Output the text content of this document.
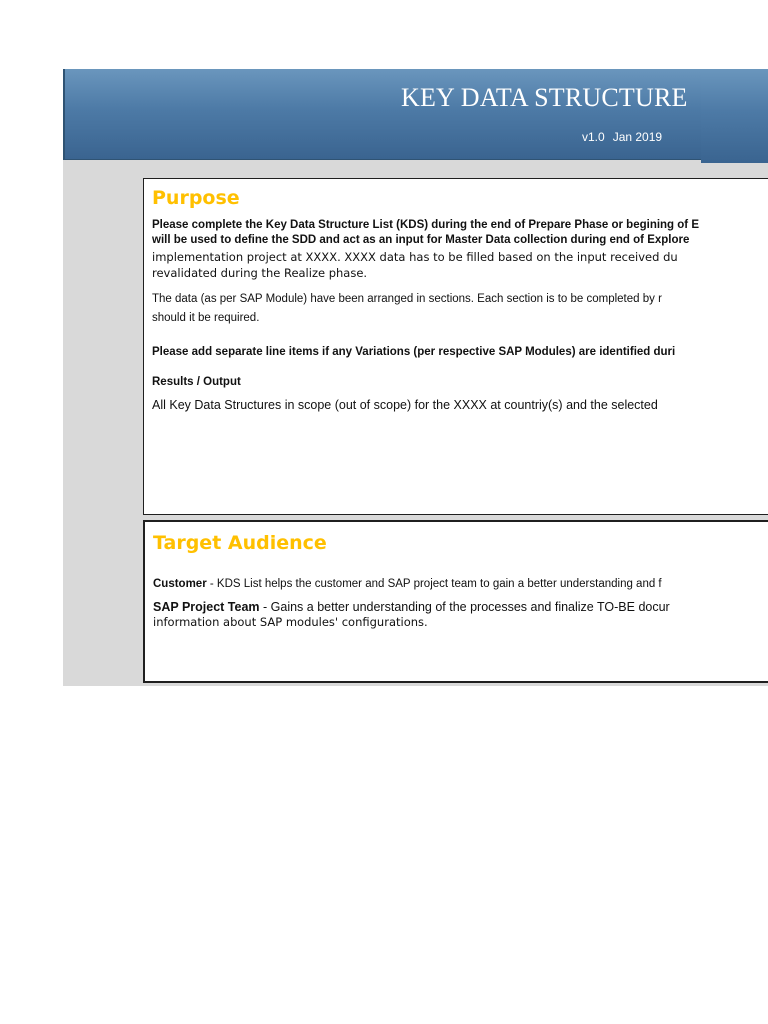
KEY DATA STRUCTURE
v1.0 Jan 2019
Purpose
Please complete the Key Data Structure List (KDS) during the end of Prepare Phase or begining of E
will be used to define the SDD and act as an input for Master Data collection during end of Explore
implementation project at XXXX. XXXX data has to be filled based on the input received du
revalidated during the Realize phase.
The data (as per SAP Module) have been arranged in sections. Each section is to be completed by r
should it be required.
Please add separate line items if any Variations (per respective SAP Modules) are identified duri
Results / Output
All Key Data Structures in scope (out of scope) for the XXXX at countriy(s) and the selected
Target Audience
Customer - KDS List helps the customer and SAP project team to gain a better understanding and f
SAP Project Team - Gains a better understanding of the processes and finalize TO-BE docur
information about SAP modules' configurations.
